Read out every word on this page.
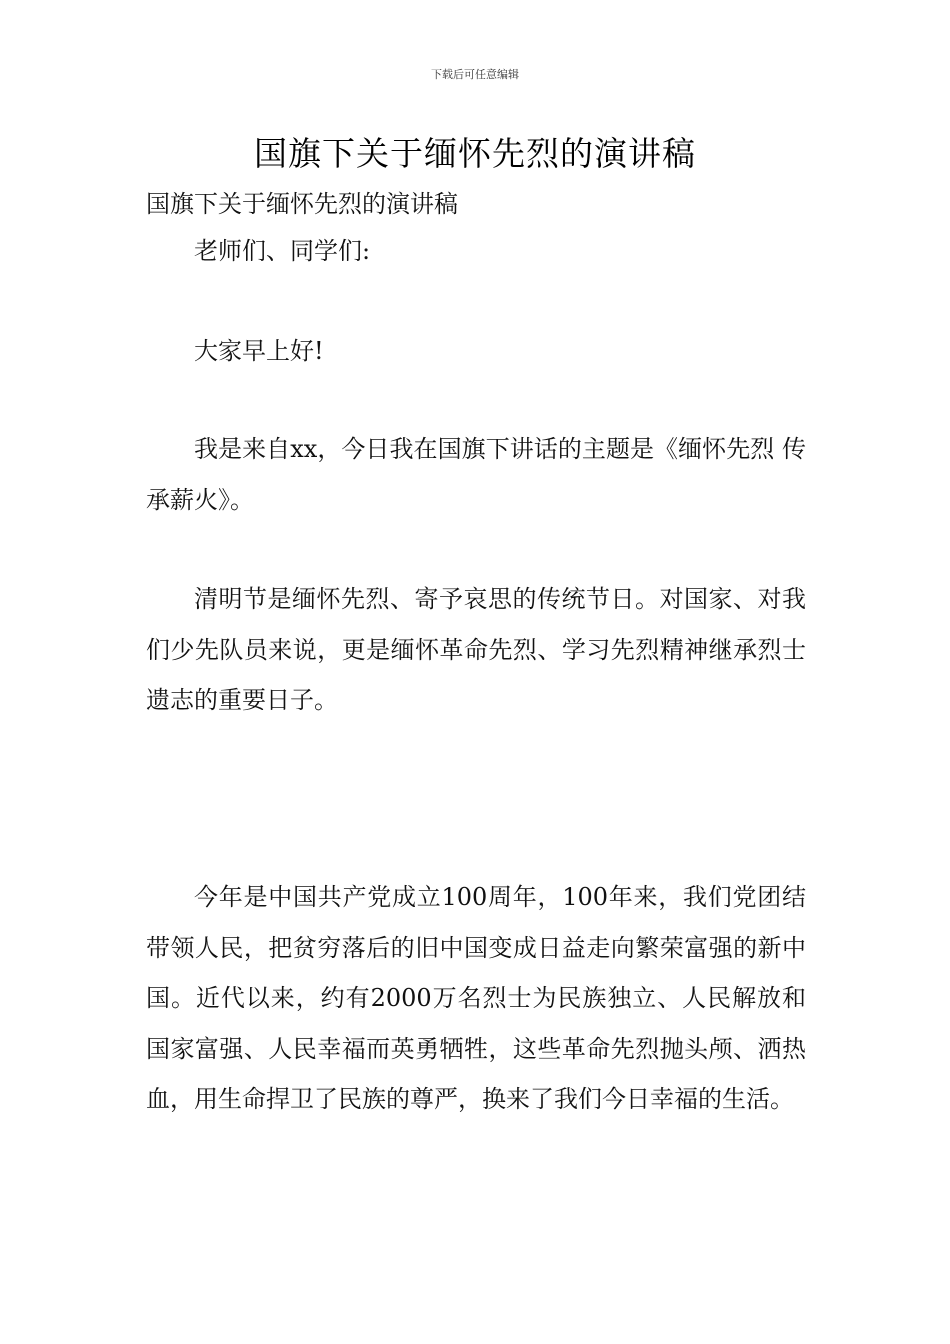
下载后可任意编辑
国旗下关于缅怀先烈的演讲稿
国旗下关于缅怀先烈的演讲稿
老师们、同学们:
大家早上好!
我是来自xx，今日我在国旗下讲话的主题是《缅怀先烈 传承薪火》。
清明节是缅怀先烈、寄予哀思的传统节日。对国家、对我们少先队员来说，更是缅怀革命先烈、学习先烈精神继承烈士遗志的重要日子。
今年是中国共产党成立100周年，100年来，我们党团结带领人民，把贫穷落后的旧中国变成日益走向繁荣富强的新中国。近代以来，约有2000万名烈士为民族独立、人民解放和国家富强、人民幸福而英勇牺牲，这些革命先烈抛头颅、洒热血，用生命捍卫了民族的尊严，换来了我们今日幸福的生活。
